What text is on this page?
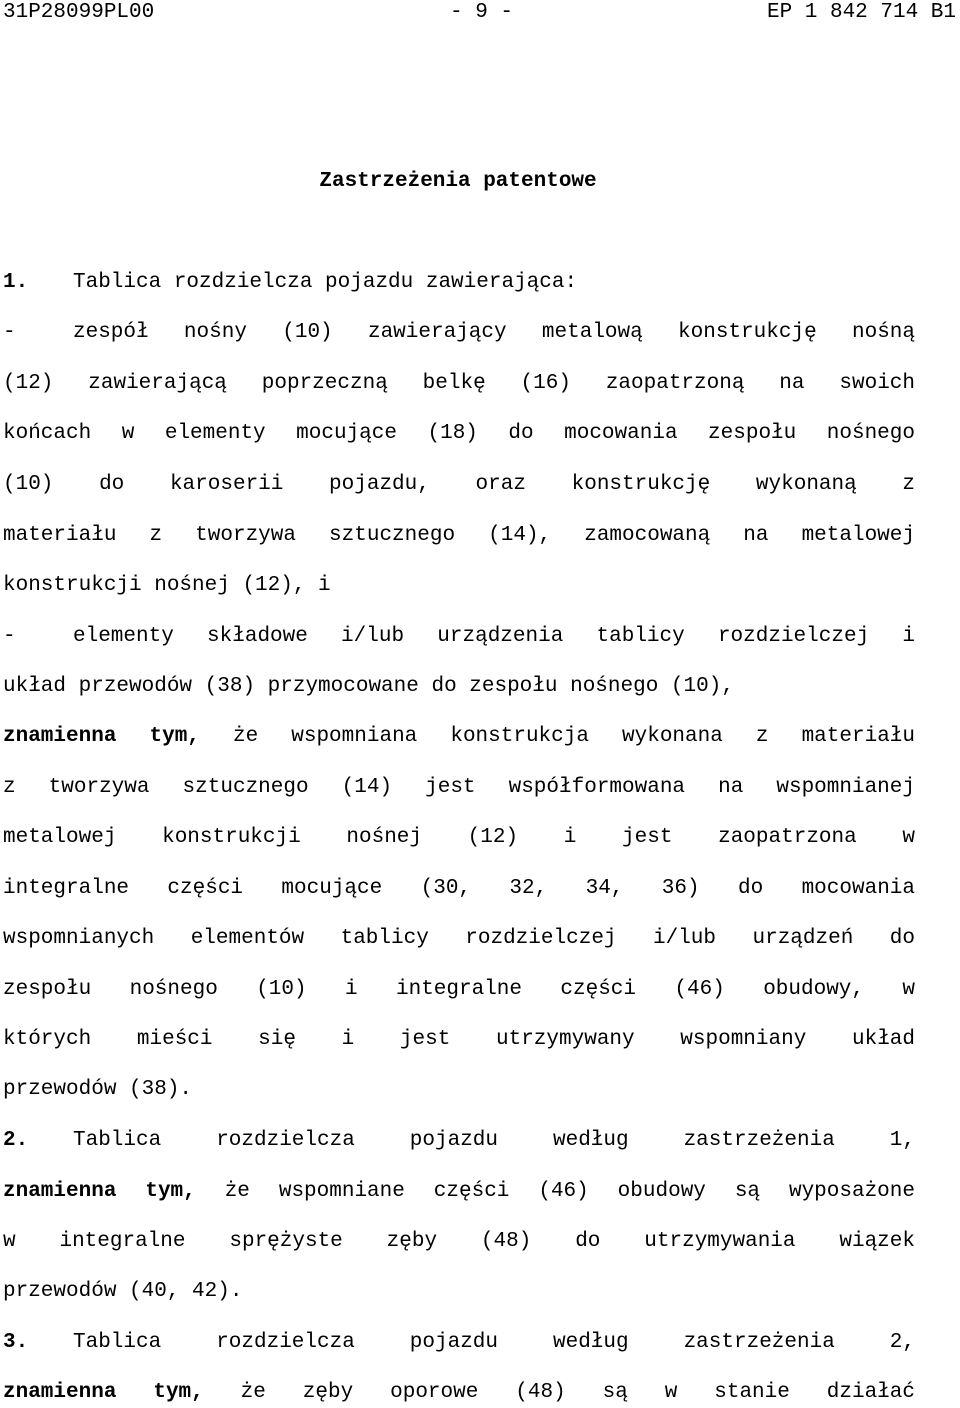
31P28099PL00	- 9 -	EP 1 842 714 B1
Zastrzeżenia patentowe
1. Tablica rozdzielcza pojazdu zawierająca:
-	zespół nośny (10) zawierający metalową konstrukcję nośną
(12) zawierającą poprzeczną belkę (16) zaopatrzoną na swoich
końcach w elementy mocujące (18) do mocowania zespołu nośnego
(10) do karoserii pojazdu, oraz konstrukcję wykonaną z
materiału z tworzywa sztucznego (14), zamocowaną na metalowej
konstrukcji nośnej (12), i
-	elementy składowe i/lub urządzenia tablicy rozdzielczej i
układ przewodów (38) przymocowane do zespołu nośnego (10),
znamienna tym, że wspomniana konstrukcja wykonana z materiału
z tworzywa sztucznego (14) jest współformowana na wspomnianej
metalowej konstrukcji nośnej (12) i jest zaopatrzona w
integralne części mocujące (30, 32, 34, 36) do mocowania
wspomnianych elementów tablicy rozdzielczej i/lub urządzeń do
zespołu nośnego (10) i integralne części (46) obudowy, w
których mieści się i jest utrzymywany wspomniany układ
przewodów (38).
2. Tablica rozdzielcza pojazdu według zastrzeżenia 1,
znamienna tym, że wspomniane części (46) obudowy są wyposażone
w integralne sprężyste zęby (48) do utrzymywania wiązek
przewodów (40, 42).
3. Tablica rozdzielcza pojazdu według zastrzeżenia 2,
znamienna tym, że zęby oporowe (48) są w stanie działać
